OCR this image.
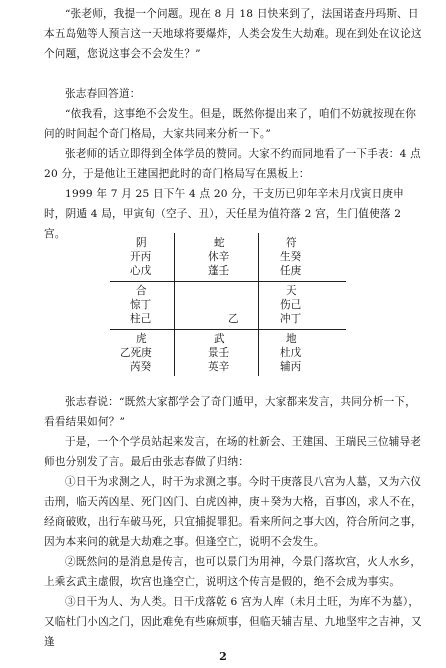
“张老师，我提一个问题。现在 8 月 18 日快来到了，法国诺查丹玛斯、日本五岛勉等人预言这一天地球将要爆炸，人类会发生大劫难。现在到处在议论这个问题，您说这事会不会发生？”
张志春回答道：
“依我看，这事绝不会发生。但是，既然你提出来了，咱们不妨就按现在你问的时间起个奇门格局，大家共同来分析一下。”
张老师的话立即得到全体学员的赞同。大家不约而同地看了一下手表：4 点 20 分，于是他让王建国把此时的奇门格局写在黑板上：
1999 年 7 月 25 日下午 4 点 20 分，干支历已卯年辛未月戊寅日庚申时，阴遁 4 局，甲寅旬（空子、丑），天任星为值符落 2 宫，生门值使落 2 宫。
阴
开丙
心戊
蛇
休辛
蓬壬
符
生癸
任庚
合
惊丁
柱己	乙
天
伤己
冲丁
虎
乙死庚
芮癸
武
景壬
英辛
地
杜戊
辅丙
张志春说：“既然大家都学会了奇门遁甲，大家都来发言，共同分析一下，看看结果如何？”
于是，一个个学员站起来发言，在场的杜新会、王建国、王瑞民三位辅导老师也分别发了言。最后由张志春做了归纳：
①日干为求测之人，时干为求测之事。今时干庚落艮八宫为人墓，又为六仪击刑，临天芮凶星、死门凶门、白虎凶神，庚＋癸为大格，百事凶，求人不在，经商破败，出行车破马死，只宜捕捉罪犯。看来所问之事大凶，符合所问之事，因为本来问的就是大劫难之事。但逢空亡，说明不会发生。
②既然问的是消息是传言，也可以景门为用神，今景门落坎宫，火人水乡，上乘玄武主虚假，坎宫也逢空亡，说明这个传言是假的，绝不会成为事实。
③日干为人、为人类。日干戊落乾 6 宫为人库（未月土旺，为库不为墓），又临杜门小凶之门，因此难免有些麻烦事，但临天辅吉星、九地坚牢之吉神，又逢
2
